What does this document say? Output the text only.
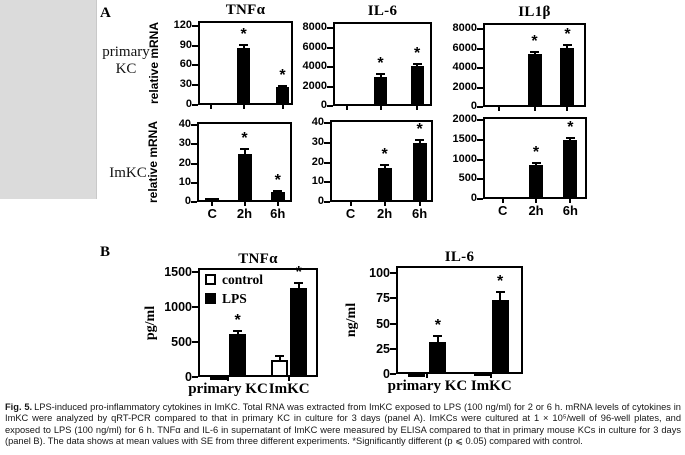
A
primary
KC
ImKC
B
TNFα
0
30
60
90
120
relative mRNA	*
*
IL-6
0
2000
4000
6000
8000
*
*
IL1β
0
2000
4000
6000
8000
*	*
0
10
20
30
40
relative mRNA	*
*
C	2h	6h
0
10
20
30
40
*
*
C	2h	6h
0
500
1000
1500
2000
*
*
C	2h	6h
TNFα
0
500
1000
1500
pg/ml	*
*
primary KC ImKC
control
LPS
IL-6
0
25
50
75
100
ng/ml	*
*
primary KC ImKC
Fig. 5. LPS-induced pro-inflammatory cytokines in ImKC. Total RNA was extracted from ImKC exposed to LPS (100 ng/ml) for 2 or 6 h. mRNA levels of cytokines in ImKC were analyzed by qRT-PCR compared to that in primary KC in culture for 3 days (panel A). ImKCs were cultured at 1 × 10⁵/well of 96-well plates, and exposed to LPS (100 ng/ml) for 6 h. TNFα and IL-6 in supernatant of ImKC were measured by ELISA compared to that in primary mouse KCs in culture for 3 days (panel B). The data shows at mean values with SE from three different experiments. *Significantly different (p ⩽ 0.05) compared with control.
